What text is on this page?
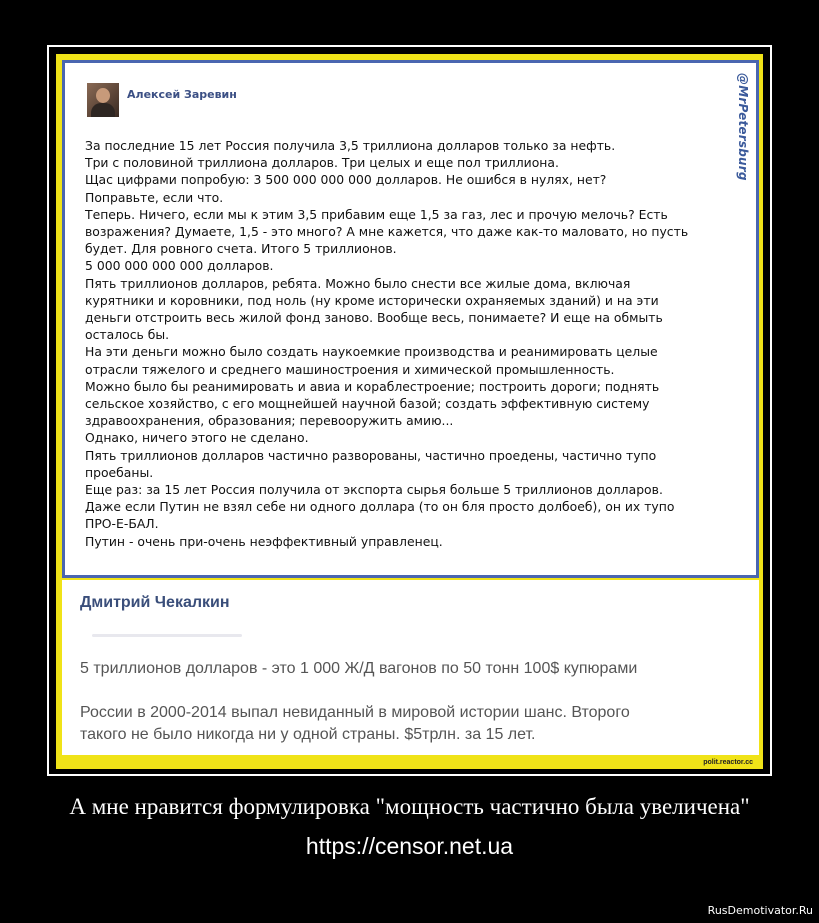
Алексей Заревин	@MrPetersburg
За последние 15 лет Россия получила 3,5 триллиона долларов только за нефть.
Три с половиной триллиона долларов. Три целых и еще пол триллиона.
Щас цифрами попробую: 3 500 000 000 000 долларов. Не ошибся в нулях, нет?
Поправьте, если что.
Теперь. Ничего, если мы к этим 3,5 прибавим еще 1,5 за газ, лес и прочую мелочь? Есть
возражения? Думаете, 1,5 - это много? А мне кажется, что даже как-то маловато, но пусть
будет. Для ровного счета. Итого 5 триллионов.
5 000 000 000 000 долларов.
Пять триллионов долларов, ребята. Можно было снести все жилые дома, включая
курятники и коровники, под ноль (ну кроме исторически охраняемых зданий) и на эти
деньги отстроить весь жилой фонд заново. Вообще весь, понимаете? И еще на обмыть
осталось бы.
На эти деньги можно было создать наукоемкие производства и реанимировать целые
отрасли тяжелого и среднего машиностроения и химической промышленность.
Можно было бы реанимировать и авиа и кораблестроение; построить дороги; поднять
сельское хозяйство, с его мощнейшей научной базой; создать эффективную систему
здравоохранения, образования; перевооружить амию...
Однако, ничего этого не сделано.
Пять триллионов долларов частично разворованы, частично проедены, частично тупо
проебаны.
Еще раз: за 15 лет Россия получила от экспорта сырья больше 5 триллионов долларов.
Даже если Путин не взял себе ни одного доллара (то он бля просто долбоеб), он их тупо
ПРО-Е-БАЛ.
Путин - очень при-очень неэффективный управленец.
Дмитрий Чекалкин
5 триллионов долларов - это 1 000 Ж/Д вагонов по 50 тонн 100$ купюрами
России в 2000-2014 выпал невиданный в мировой истории шанс. Второго
такого не было никогда ни у одной страны. $5трлн. за 15 лет.
polit.reactor.cc
А мне нравится формулировка "мощность частично была увеличена"
https://censor.net.ua
RusDemotivator.Ru
